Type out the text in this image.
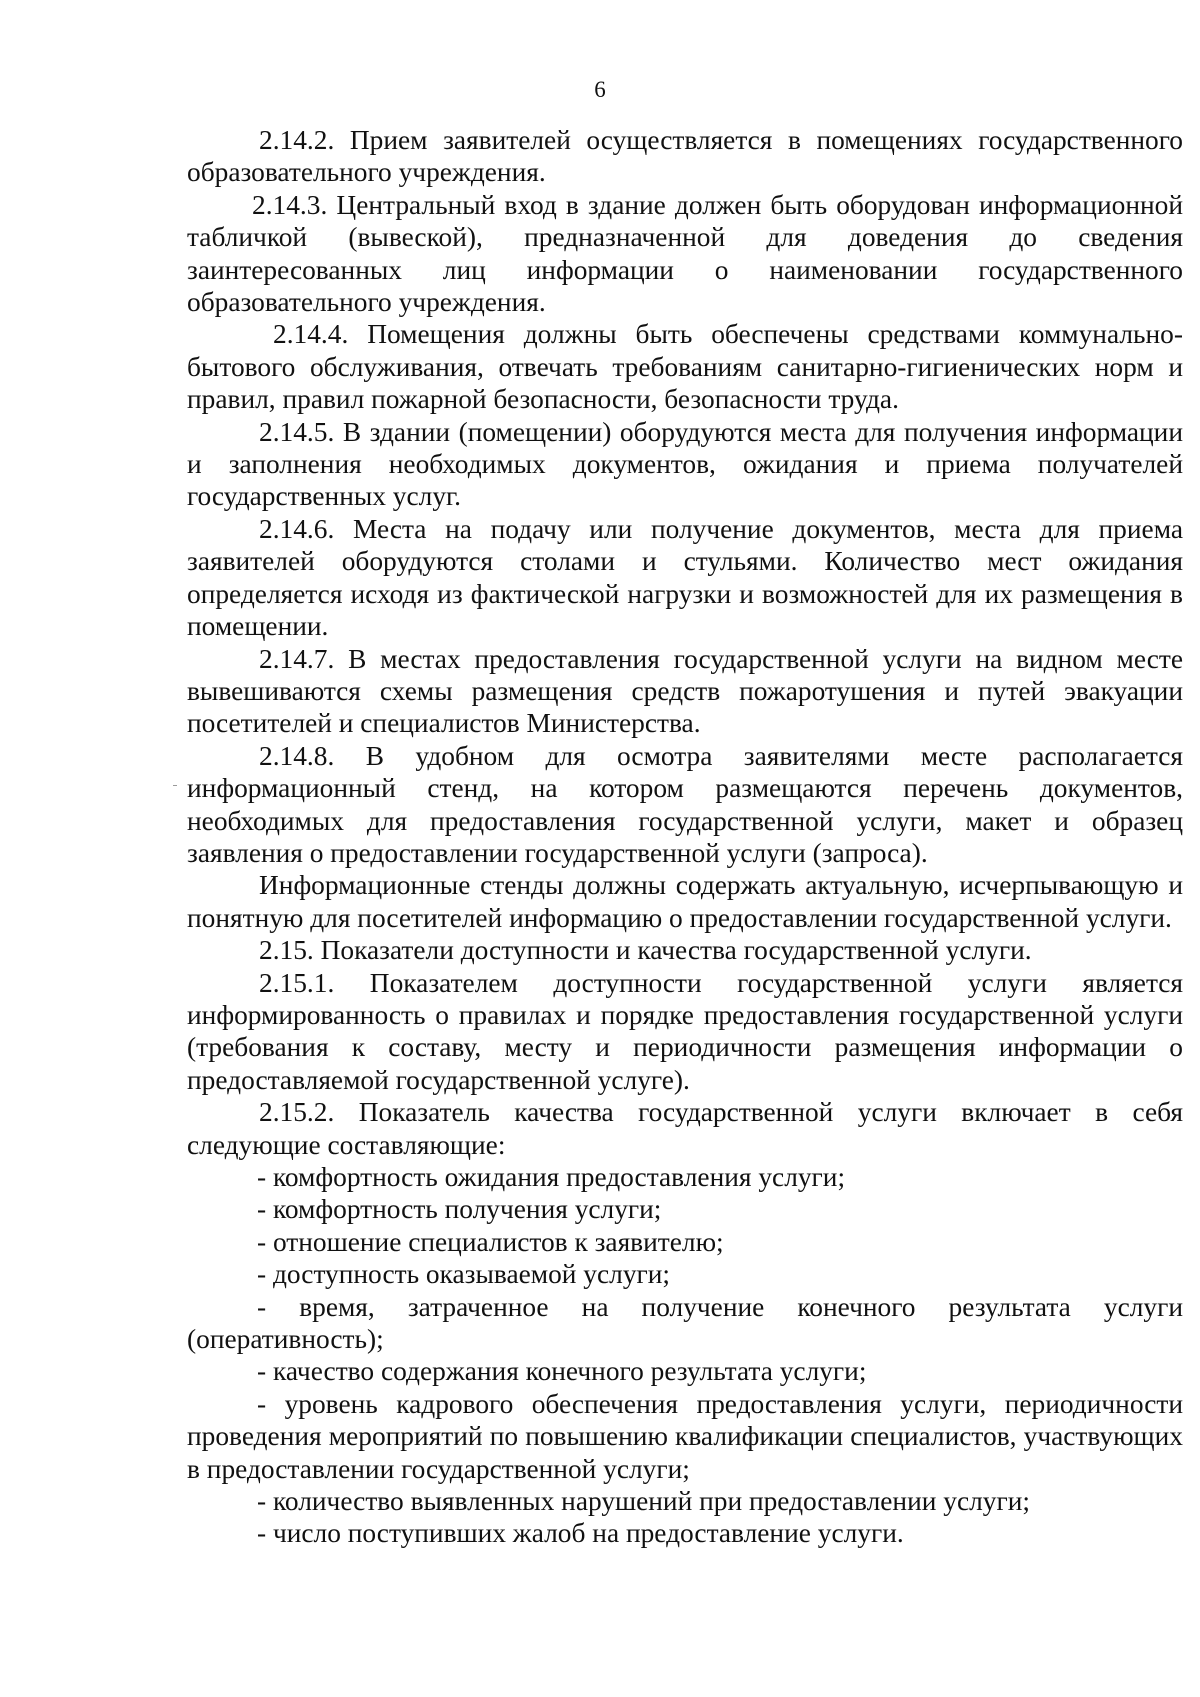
6

2.14.2. Прием заявителей осуществляется в помещениях государственного образовательного учреждения.

2.14.3. Центральный вход в здание должен быть оборудован информационной табличкой (вывеской), предназначенной для доведения до сведения заинтересованных лиц информации о наименовании государственного образовательного учреждения.

2.14.4. Помещения должны быть обеспечены средствами коммунально-бытового обслуживания, отвечать требованиям санитарно-гигиенических норм и правил, правил пожарной безопасности, безопасности труда.

2.14.5. В здании (помещении) оборудуются места для получения информации и заполнения необходимых документов, ожидания и приема получателей государственных услуг.

2.14.6. Места на подачу или получение документов, места для приема заявителей оборудуются столами и стульями. Количество мест ожидания определяется исходя из фактической нагрузки и возможностей для их размещения в помещении.

2.14.7. В местах предоставления государственной услуги на видном месте вывешиваются схемы размещения средств пожаротушения и путей эвакуации посетителей и специалистов Министерства.

2.14.8. В удобном для осмотра заявителями месте располагается информационный стенд, на котором размещаются перечень документов, необходимых для предоставления государственной услуги, макет и образец заявления о предоставлении государственной услуги (запроса).

Информационные стенды должны содержать актуальную, исчерпывающую и понятную для посетителей информацию о предоставлении государственной услуги.

2.15. Показатели доступности и качества государственной услуги.

2.15.1. Показателем доступности государственной услуги является информированность о правилах и порядке предоставления государственной услуги (требования к составу, месту и периодичности размещения информации о предоставляемой государственной услуге).

2.15.2. Показатель качества государственной услуги включает в себя следующие составляющие:

- комфортность ожидания предоставления услуги;

- комфортность получения услуги;

- отношение специалистов к заявителю;

- доступность оказываемой услуги;

- время, затраченное на получение конечного результата услуги (оперативность);

- качество содержания конечного результата услуги;

- уровень кадрового обеспечения предоставления услуги, периодичности проведения мероприятий по повышению квалификации специалистов, участвующих в предоставлении государственной услуги;

- количество выявленных нарушений при предоставлении услуги;

- число поступивших жалоб на предоставление услуги.
